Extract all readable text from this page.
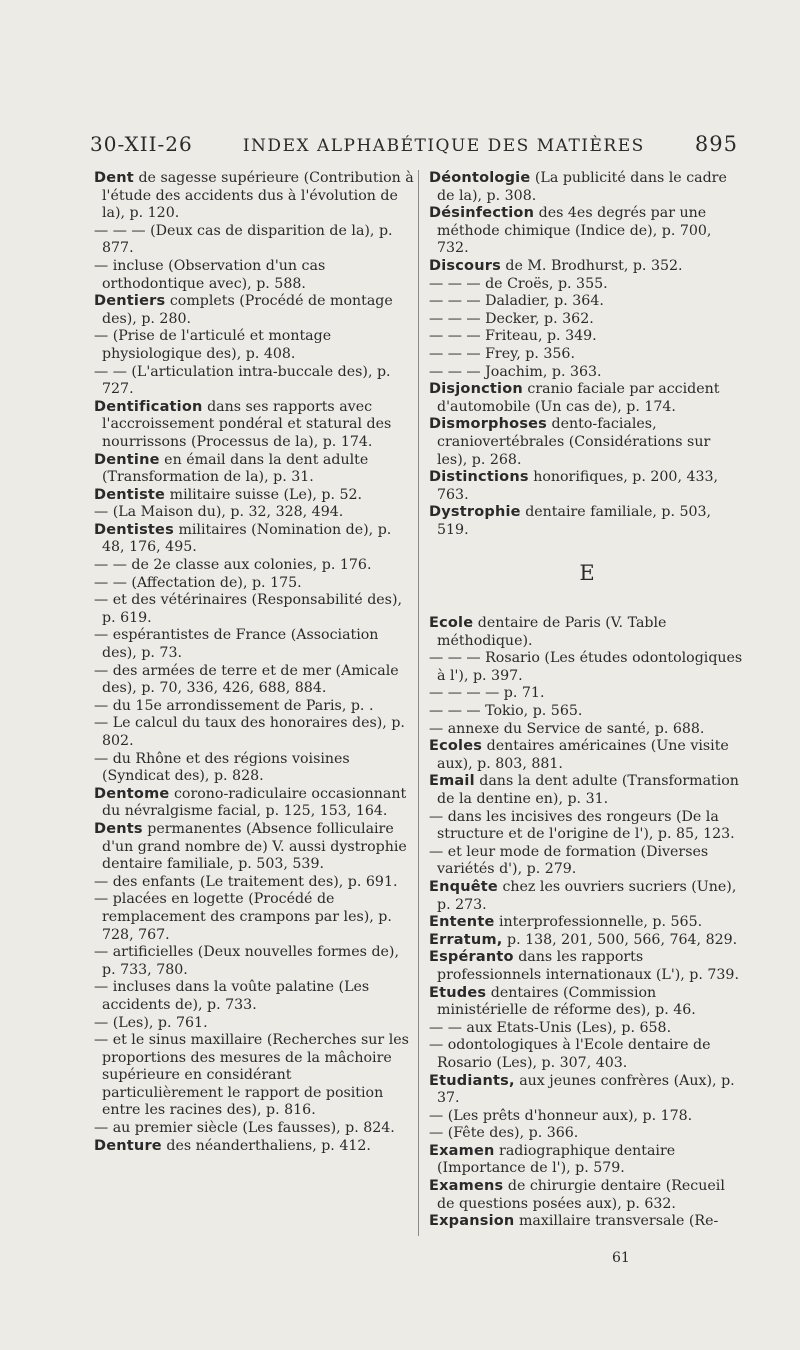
30-XII-26	INDEX ALPHABÉTIQUE DES MATIÈRES 895

Dent de sagesse supérieure (Contribution à l'étude des accidents dus à l'évolution de la), p. 120.

— — — (Deux cas de disparition de la), p. 877.

— incluse (Observation d'un cas orthodontique avec), p. 588.

Dentiers complets (Procédé de montage des), p. 280.

— (Prise de l'articulé et montage physiologique des), p. 408.

— — (L'articulation intra-buccale des), p. 727.

Dentification dans ses rapports avec l'accroissement pondéral et statural des nourrissons (Processus de la), p. 174.

Dentine en émail dans la dent adulte (Transformation de la), p. 31.

Dentiste militaire suisse (Le), p. 52.

— (La Maison du), p. 32, 328, 494.

Dentistes militaires (Nomination de), p. 48, 176, 495.

— — de 2e classe aux colonies, p. 176.

— — (Affectation de), p. 175.

— et des vétérinaires (Responsabilité des), p. 619.

— espérantistes de France (Association des), p. 73.

— des armées de terre et de mer (Amicale des), p. 70, 336, 426, 688, 884.

— du 15e arrondissement de Paris, p. .

— Le calcul du taux des honoraires des), p. 802.

— du Rhône et des régions voisines (Syndicat des), p. 828.

Dentome corono-radiculaire occasionnant du névralgisme facial, p. 125, 153, 164.

Dents permanentes (Absence folliculaire d'un grand nombre de) V. aussi dystrophie dentaire familiale, p. 503, 539.

— des enfants (Le traitement des), p. 691.

— placées en logette (Procédé de remplacement des crampons par les), p. 728, 767.

— artificielles (Deux nouvelles formes de), p. 733, 780.

— incluses dans la voûte palatine (Les accidents de), p. 733.

— (Les), p. 761.

— et le sinus maxillaire (Recherches sur les proportions des mesures de la mâchoire supérieure en considérant particulièrement le rapport de position entre les racines des), p. 816.

— au premier siècle (Les fausses), p. 824.

Denture des néanderthaliens, p. 412.

Déontologie (La publicité dans le cadre de la), p. 308.

Désinfection des 4es degrés par une méthode chimique (Indice de), p. 700, 732.

Discours de M. Brodhurst, p. 352.

— — — de Croës, p. 355.

— — — Daladier, p. 364.

— — — Decker, p. 362.

— — — Friteau, p. 349.

— — — Frey, p. 356.

— — — Joachim, p. 363.

Disjonction cranio faciale par accident d'automobile (Un cas de), p. 174.

Dismorphoses dento-faciales, craniovertébrales (Considérations sur les), p. 268.

Distinctions honorifiques, p. 200, 433, 763.

Dystrophie dentaire familiale, p. 503, 519.

E

Ecole dentaire de Paris (V. Table méthodique).

— — — Rosario (Les études odontologiques à l'), p. 397.

— — — — p. 71.

— — — Tokio, p. 565.

— annexe du Service de santé, p. 688.

Ecoles dentaires américaines (Une visite aux), p. 803, 881.

Email dans la dent adulte (Transformation de la dentine en), p. 31.

— dans les incisives des rongeurs (De la structure et de l'origine de l'), p. 85, 123.

— et leur mode de formation (Diverses variétés d'), p. 279.

Enquête chez les ouvriers sucriers (Une), p. 273.

Entente interprofessionnelle, p. 565.

Erratum, p. 138, 201, 500, 566, 764, 829.

Espéranto dans les rapports professionnels internationaux (L'), p. 739.

Etudes dentaires (Commission ministérielle de réforme des), p. 46.

— — aux Etats-Unis (Les), p. 658.

— odontologiques à l'Ecole dentaire de Rosario (Les), p. 307, 403.

Etudiants, aux jeunes confrères (Aux), p. 37.

— (Les prêts d'honneur aux), p. 178.

— (Fête des), p. 366.

Examen radiographique dentaire (Importance de l'), p. 579.

Examens de chirurgie dentaire (Recueil de questions posées aux), p. 632.

Expansion maxillaire transversale (Re-

61
